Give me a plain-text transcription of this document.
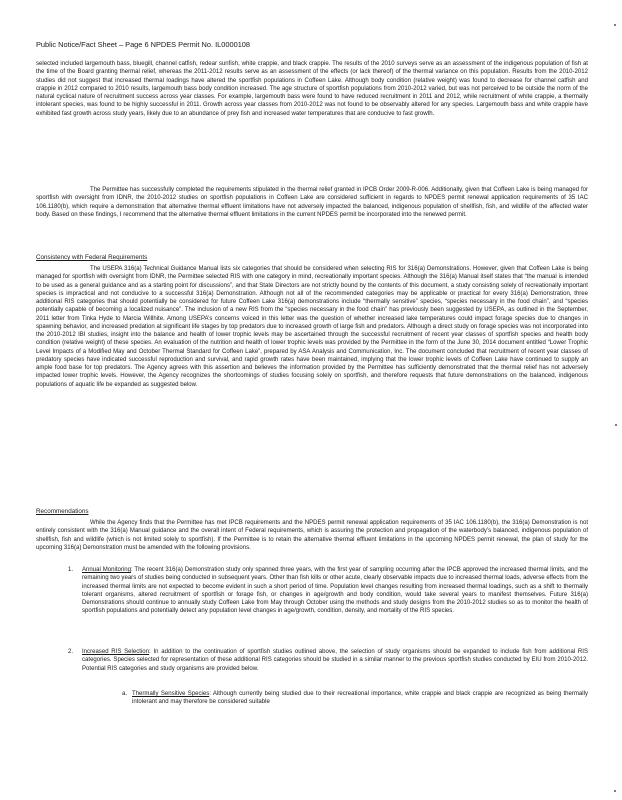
Public Notice/Fact Sheet – Page 6 NPDES Permit No. IL0000108

selected included largemouth bass, bluegill, channel catfish, redear sunfish, white crappie, and black crappie. The results of the 2010 surveys serve as an assessment of the indigenous population of fish at the time of the Board granting thermal relief, whereas the 2011-2012 results serve as an assessment of the effects (or lack thereof) of the thermal variance on this population. Results from the 2010-2012 studies did not suggest that increased thermal loadings have altered the sportfish populations in Coffeen Lake. Although body condition (relative weight) was found to decrease for channel catfish and crappie in 2012 compared to 2010 results, largemouth bass body condition increased. The age structure of sportfish populations from 2010-2012 varied, but was not perceived to be outside the norm of the natural cyclical nature of recruitment success across year classes. For example, largemouth bass were found to have reduced recruitment in 2011 and 2012, while recruitment of white crappie, a thermally intolerant species, was found to be highly successful in 2011. Growth across year classes from 2010-2012 was not found to be observably altered for any species. Largemouth bass and white crappie have exhibited fast growth across study years, likely due to an abundance of prey fish and increased water temperatures that are conducive to fast growth.

The Permittee has successfully completed the requirements stipulated in the thermal relief granted in IPCB Order 2009-R-006. Additionally, given that Coffeen Lake is being managed for sportfish with oversight from IDNR, the 2010-2012 studies on sportfish populations in Coffeen Lake are considered sufficient in regards to NPDES permit renewal application requirements of 35 IAC 106.1180(b), which require a demonstration that alternative thermal effluent limitations have not adversely impacted the balanced, indigenous population of shellfish, fish, and wildlife of the affected water body. Based on these findings, I recommend that the alternative thermal effluent limitations in the current NPDES permit be incorporated into the renewed permit.

Consistency with Federal Requirements

The USEPA 316(a) Technical Guidance Manual lists six categories that should be considered when selecting RIS for 316(a) Demonstrations. However, given that Coffeen Lake is being managed for sportfish with oversight from IDNR, the Permittee selected RIS with one category in mind, recreationally important species. Although the 316(a) Manual itself states that “the manual is intended to be used as a general guidance and as a starting point for discussions”, and that State Directors are not strictly bound by the contents of this document, a study consisting solely of recreationally important species is impractical and not conducive to a successful 316(a) Demonstration. Although not all of the recommended categories may be applicable or practical for every 316(a) Demonstration, three additional RIS categories that should potentially be considered for future Coffeen Lake 316(a) demonstrations include “thermally sensitive” species, “species necessary in the food chain”, and “species potentially capable of becoming a localized nuisance”. The inclusion of a new RIS from the “species necessary in the food chain” has previously been suggested by USEPA, as outlined in the September, 2011 letter from Tinka Hyde to Marcia Willhite. Among USEPA’s concerns voiced in this letter was the question of whether increased lake temperatures could impact forage species due to changes in spawning behavior, and increased predation at significant life stages by top predators due to increased growth of large fish and predators. Although a direct study on forage species was not incorporated into the 2010-2012 IBI studies, insight into the balance and health of lower trophic levels may be ascertained through the successful recruitment of recent year classes of sportfish species and health body condition (relative weight) of these species. An evaluation of the nutrition and health of lower trophic levels was provided by the Permittee in the form of the June 30, 2014 document entitled “Lower Trophic Level Impacts of a Modified May and October Thermal Standard for Coffeen Lake”, prepared by ASA Analysis and Communication, Inc. The document concluded that recruitment of recent year classes of predatory species have indicated successful reproduction and survival, and rapid growth rates have been maintained, implying that the lower trophic levels of Coffeen Lake have continued to supply an ample food base for top predators. The Agency agrees with this assertion and believes the information provided by the Permittee has sufficiently demonstrated that the thermal relief has not adversely impacted lower trophic levels. However, the Agency recognizes the shortcomings of studies focusing solely on sportfish, and therefore requests that future demonstrations on the balanced, indigenous populations of aquatic life be expanded as suggested below.

Recommendations

While the Agency finds that the Permittee has met IPCB requirements and the NPDES permit renewal application requirements of 35 IAC 106.1180(b), the 316(a) Demonstration is not entirely consistent with the 316(a) Manual guidance and the overall intent of Federal requirements, which is assuring the protection and propagation of the waterbody’s balanced, indigenous population of shellfish, fish and wildlife (which is not limited solely to sportfish). If the Permittee is to retain the alternative thermal effluent limitations in the upcoming NPDES permit renewal, the plan of study for the upcoming 316(a) Demonstration must be amended with the following provisions.

1. Annual Monitoring: The recent 316(a) Demonstration study only spanned three years, with the first year of sampling occurring after the IPCB approved the increased thermal limits, and the remaining two years of studies being conducted in subsequent years. Other than fish kills or other acute, clearly observable impacts due to increased thermal loads, adverse effects from the increased thermal limits are not expected to become evident in such a short period of time. Population level changes resulting from increased thermal loadings, such as a shift to thermally tolerant organisms, altered recruitment of sportfish or forage fish, or changes in age/growth and body condition, would take several years to manifest themselves. Future 316(a) Demonstrations should continue to annually study Coffeen Lake from May through October using the methods and study designs from the 2010-2012 studies so as to monitor the health of sportfish populations and potentially detect any population level changes in age/growth, condition, density, and mortality of the RIS species.
2. Increased RIS Selection: In addition to the continuation of sportfish studies outlined above, the selection of study organisms should be expanded to include fish from additional RIS categories. Species selected for representation of these additional RIS categories should be studied in a similar manner to the previous sportfish studies conducted by EIU from 2010-2012. Potential RIS categories and study organisms are provided below.
a. Thermally Sensitive Species: Although currently being studied due to their recreational importance, white crappie and black crappie are recognized as being thermally intolerant and may therefore be considered suitable
